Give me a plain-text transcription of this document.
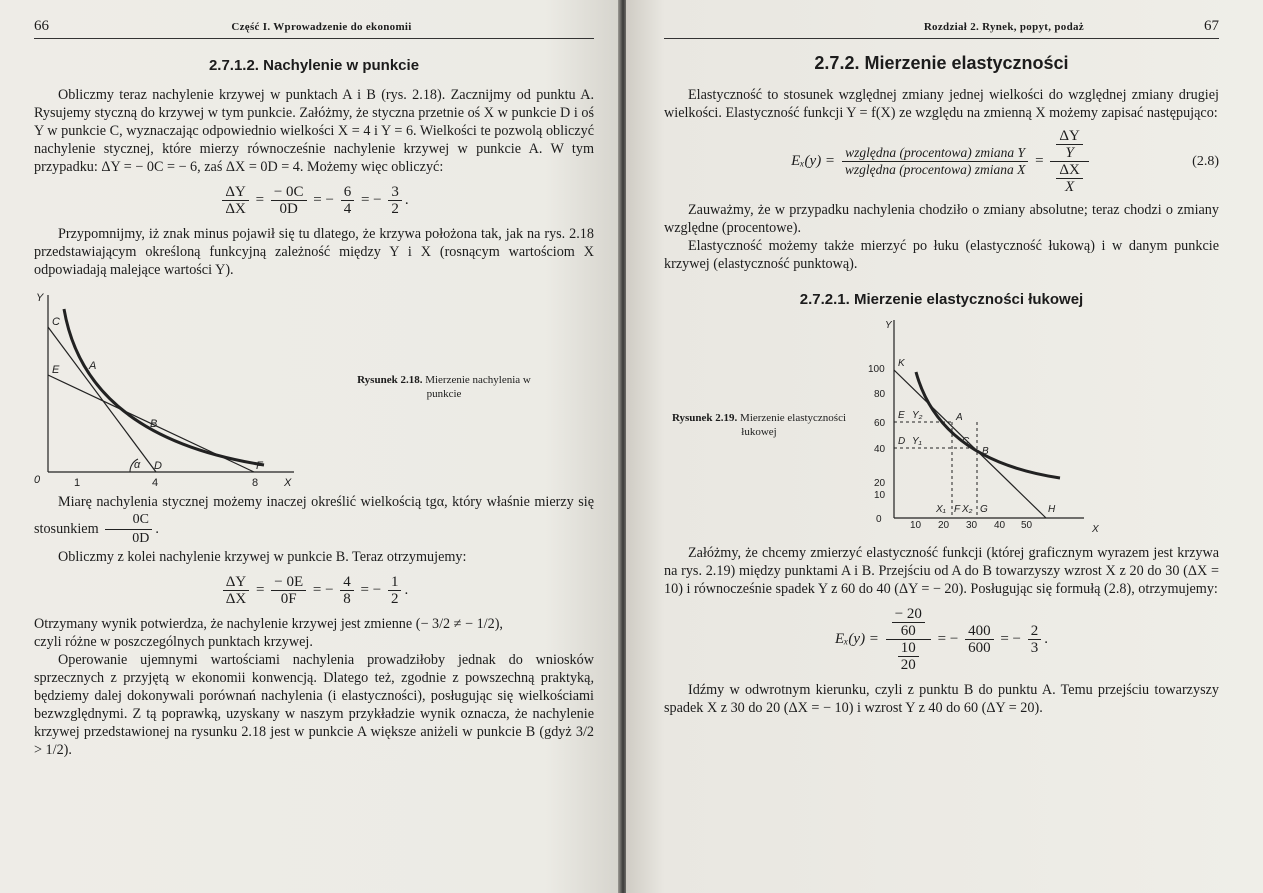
66	Część I. Wprowadzenie do ekonomii
2.7.1.2. Nachylenie w punkcie

Obliczmy teraz nachylenie krzywej w punktach A i B (rys. 2.18). Zacznijmy od punktu A. Rysujemy styczną do krzywej w tym punkcie. Załóżmy, że styczna przetnie oś X w punkcie D i oś Y w punkcie C, wyznaczając odpowiednio wielkości X = 4 i Y = 6. Wielkości te pozwolą obliczyć nachylenie stycznej, które mierzy równocześnie nachylenie krzywej w punkcie A. W tym przypadku: ΔY = − 0C = − 6, zaś ΔX = 0D = 4. Możemy więc obliczyć:

$\frac{\Delta Y}{\Delta X} = \frac{- 0C}{0D}$ = − $\frac{6}{4}$ = − $\frac{3}{2}$ .

Przypomnijmy, iż znak minus pojawił się tu dlatego, że krzywa położona tak, jak na rys. 2.18 przedstawiającym określoną funkcyjną zależność między Y i X (rosnącym wartościom X odpowiadają malejące wartości Y).

Y
X
0
C
E	A
B
D	F
α
1	4	8
Rysunek 2.18. Mierzenie nachylenia w punkcie

Miarę nachylenia stycznej możemy inaczej określić wielkością tgα, który właśnie mierzy się stosunkiem $\frac{0C}{0D}$ .

Obliczmy z kolei nachylenie krzywej w punkcie B. Teraz otrzymujemy:

$\frac{\Delta Y}{\Delta X} = \frac{- 0E}{0F}$ = − $\frac{4}{8}$ = − $\frac{1}{2}$ .

Otrzymany wynik potwierdza, że nachylenie krzywej jest zmienne (− 3/2 ≠ − 1/2),

czyli różne w poszczególnych punktach krzywej.

Operowanie ujemnymi wartościami nachylenia prowadziłoby jednak do wniosków sprzecznych z przyjętą w ekonomii konwencją. Dlatego też, zgodnie z powszechną praktyką, będziemy dalej dokonywali porównań nachylenia (i elastyczności), posługując się wielkościami bezwzględnymi. Z tą poprawką, uzyskany w naszym przykładzie wynik oznacza, że nachylenie krzywej przedstawionej na rysunku 2.18 jest w punkcie A większe aniżeli w punkcie B (gdyż 3/2 > 1/2).

Rozdział 2. Rynek, popyt, podaż	67
2.7.2. Mierzenie elastyczności

Elastyczność to stosunek względnej zmiany jednej wielkości do względnej zmiany drugiej wielkości. Elastyczność funkcji Y = f(X) ze względu na zmienną X możemy zapisać następująco:

$E_x(y) = \frac{\text{względna (procentowa) zmiana Y}}{\text{względna (procentowa) zmiana X}} = \frac{\frac{\Delta Y}{Y}}{\frac{\Delta X}{X}}$	(2.8)

Zauważmy, że w przypadku nachylenia chodziło o zmiany absolutne; teraz chodzi o zmiany względne (procentowe).

Elastyczność możemy także mierzyć po łuku (elastyczność łukową) i w danym punkcie krzywej (elastyczność punktową).

2.7.2.1. Mierzenie elastyczności łukowej
Rysunek 2.19. Mierzenie elastyczności łukowej
Y
X
100
80
60
40
20
10
0
10 20 30 40 50
K
E Y₂	A
D Y₁	C
B
X₁ F X₂ G	H

Załóżmy, że chcemy zmierzyć elastyczność funkcji (której graficznym wyrazem jest krzywa na rys. 2.19) między punktami A i B. Przejściu od A do B towarzyszy wzrost X z 20 do 30 (ΔX = 10) i równocześnie spadek Y z 60 do 40 (ΔY = − 20). Posługując się formułą (2.8), otrzymujemy:

$E_x(y) = \frac{\frac{- 20}{60}}{\frac{10}{20}}$ = − $\frac{400}{600}$ = − $\frac{2}{3}$ .

Idźmy w odwrotnym kierunku, czyli z punktu B do punktu A. Temu przejściu towarzyszy spadek X z 30 do 20 (ΔX = − 10) i wzrost Y z 40 do 60 (ΔY = 20).
